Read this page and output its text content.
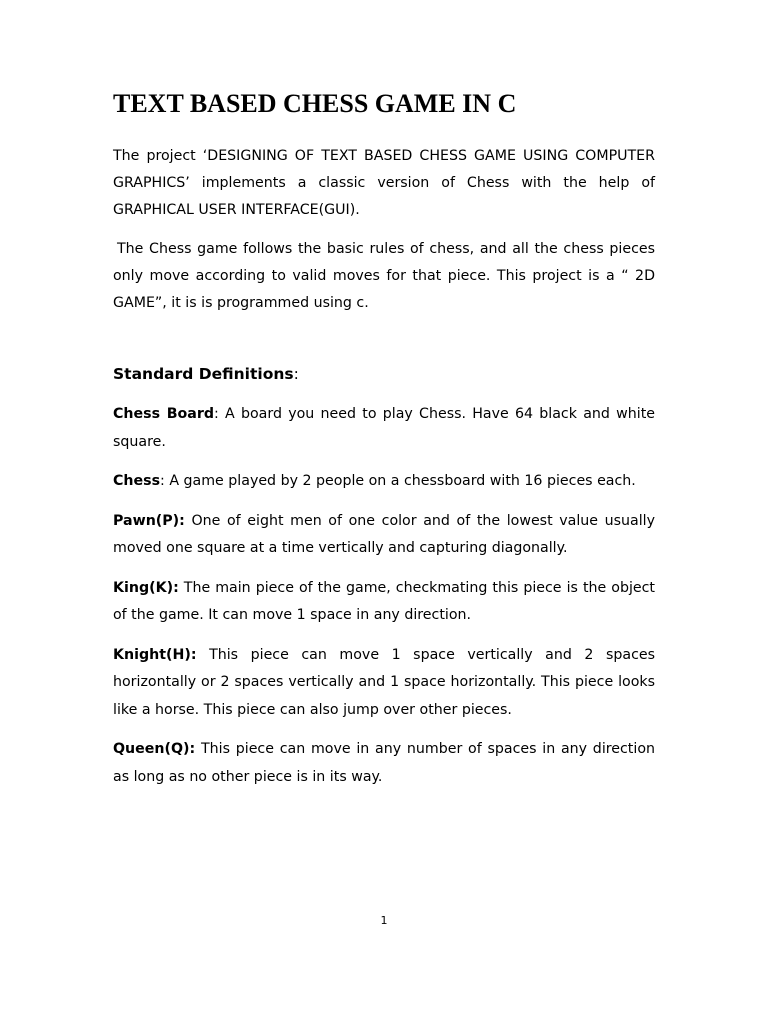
TEXT BASED CHESS GAME IN C

The project ‘DESIGNING OF TEXT BASED CHESS GAME USING COMPUTER GRAPHICS’ implements a classic version of Chess with the help of GRAPHICAL USER INTERFACE(GUI).

The Chess game follows the basic rules of chess, and all the chess pieces only move according to valid moves for that piece. This project is a “ 2D GAME”, it is is programmed using c.

Standard Definitions:

Chess Board: A board you need to play Chess. Have 64 black and white square.

Chess: A game played by 2 people on a chessboard with 16 pieces each.

Pawn(P): One of eight men of one color and of the lowest value usually moved one square at a time vertically and capturing diagonally.

King(K): The main piece of the game, checkmating this piece is the object of the game. It can move 1 space in any direction.

Knight(H): This piece can move 1 space vertically and 2 spaces horizontally or 2 spaces vertically and 1 space horizontally. This piece looks like a horse. This piece can also jump over other pieces.

Queen(Q): This piece can move in any number of spaces in any direction as long as no other piece is in its way.

1
